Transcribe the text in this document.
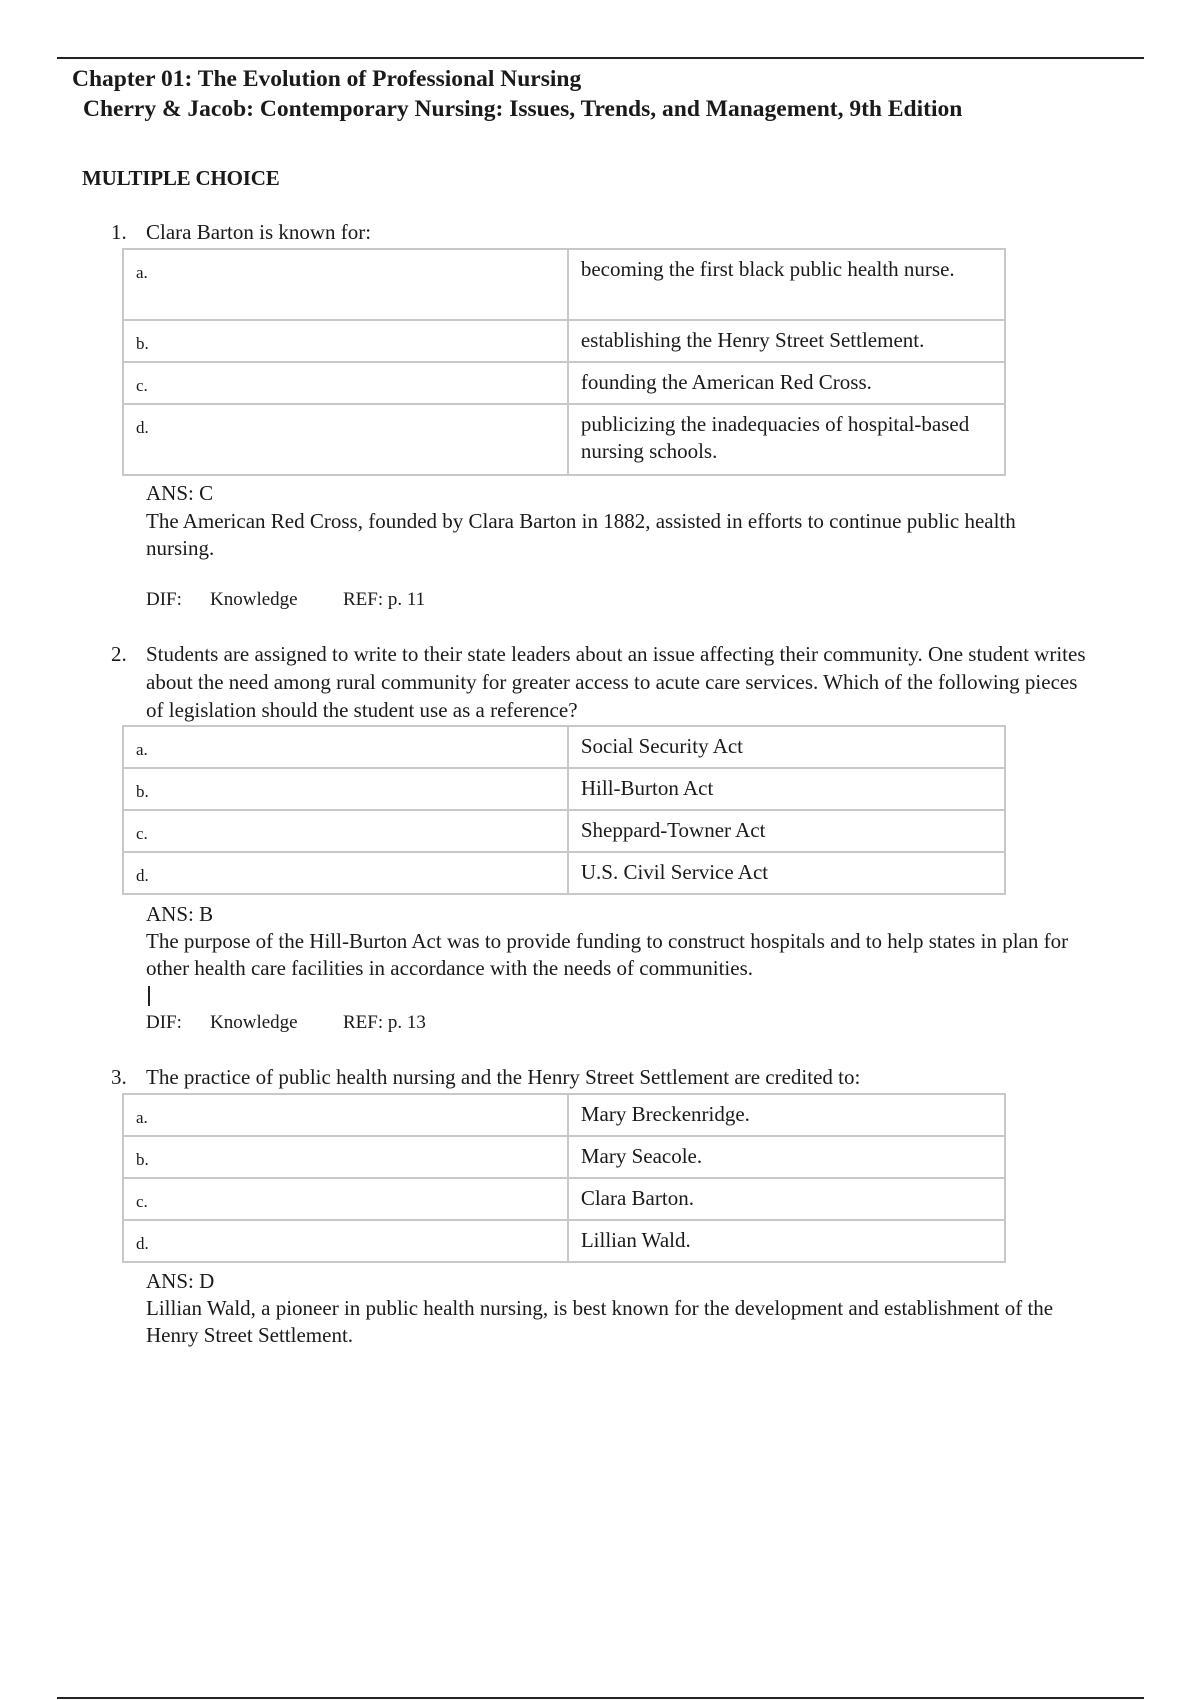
Chapter 01: The Evolution of Professional Nursing
Cherry & Jacob: Contemporary Nursing: Issues, Trends, and Management, 9th Edition
MULTIPLE CHOICE
1. Clara Barton is known for:
a.	becoming the first black public health nurse.
b.	establishing the Henry Street Settlement.
c.	founding the American Red Cross.
d.	publicizing the inadequacies of hospital-based nursing schools.
ANS: C
The American Red Cross, founded by Clara Barton in 1882, assisted in efforts to continue public health nursing.
DIF: Knowledge REF: p. 11
2. Students are assigned to write to their state leaders about an issue affecting their community. One student writes about the need among rural community for greater access to acute care services. Which of the following pieces of legislation should the student use as a reference?
a.	Social Security Act
b.	Hill-Burton Act
c.	Sheppard-Towner Act
d.	U.S. Civil Service Act
ANS: B
The purpose of the Hill-Burton Act was to provide funding to construct hospitals and to help states in plan for other health care facilities in accordance with the needs of communities.
DIF: Knowledge REF: p. 13
3. The practice of public health nursing and the Henry Street Settlement are credited to:
a.	Mary Breckenridge.
b.	Mary Seacole.
c.	Clara Barton.
d.	Lillian Wald.
ANS: D
Lillian Wald, a pioneer in public health nursing, is best known for the development and establishment of the Henry Street Settlement.
